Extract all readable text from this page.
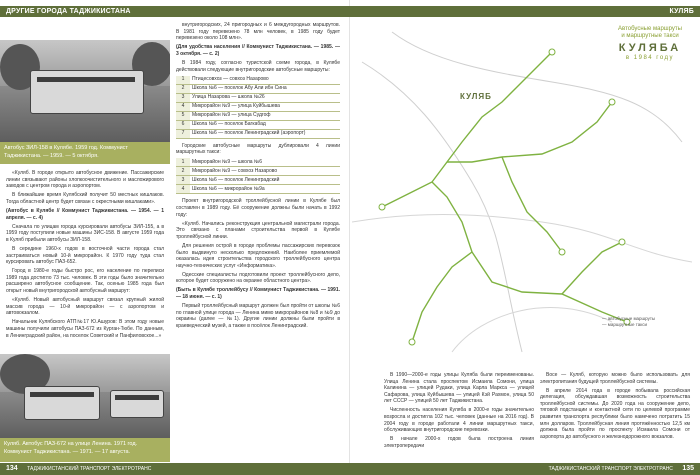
ДРУГИЕ ГОРОДА ТАДЖИКИСТАНА	КУЛЯБ
Автобус ЗИЛ-158 в Кулябе. 1959 год. Коммунист Таджикистана. — 1959. — 5 октября.

«Куляб. В городе открыто автобусное движение. Пассажирские линии связывают районы хлопкоочистительного и масложирового заводов с центром города и аэропортом.

В ближайшие время Кулябский получит 50 местных кишлаков. Тогда областной центр будет связан с окрестными кишлаками».

(Автобус в Кулябе // Коммунист Таджикистана. — 1954. — 1 апреля. — с. 4)

Сначала по улицам города курсировали автобусы ЗИЛ-155, а в 1959 году поступили новые машины ЗИС-158. В августе 1959 года в Куляб прибыли автобусы ЗИЛ-158.

В середине 1960-х годов в восточной части города стал застраиваться новый 10-й микрорайон. К 1970 году туда стал курсировать автобус ПАЗ-652.

Город в 1980-е годы быстро рос, его население по переписи 1989 года достигло 73 тыс. человек. В эти годы было значительно расширено автобусное сообщение. Так, осенью 1985 года был открыт новый внутригородской автобусный маршрут:

«Куляб. Новый автобусный маршрут связал крупный жилой массив города — 10-й микрорайон — с аэропортом и автовокзалом.

Начальник Кулябского АТП№17 Ю.Ашуров: В этом году новые машины получили автобусы ПАЗ-672 из Курган-Тюбе. По данным, в Ленинградский район, на поселок Советский и Панфиловское...»

Куляб. Автобус ПАЗ-672 на улице Ленина. 1971 год. Коммунист Таджикистана. — 1971. — 17 августа.

внутригородских, 24 пригородных и 6 междугородных маршрутов. В 1981 году перевезено 78 млн человек, в 1985 году будет перевезено около 108 млн».

(Для удобства населения // Коммунист Таджикистана. — 1985. — 3 октября. — с. 2)

В 1984 году, согласно туристской схеме города, в Кулябе действовали следующие внутригородские автобусные маршруты:

1	Птицесовхоз — совхоз Назарово
2	Школа №6 — поселок Абу Али ибн Сина
3	Улица Назарова — школа №26
4	Микрорайон №9 — улица Куйбышева
5	Микрорайон №9 — улица Судгоф
6	Школа №6 — поселок Багкабад
7	Школа №6 — поселок Ленинградский (аэропорт)

Городские автобусные маршруты дублировали 4 линии маршрутных такси:

1	Микрорайон №9 — школа №6
2	Микрорайон №9 — совхоз Назарово
3	Школа №6 — поселок Ленинградский
4	Школа №6 — микрорайон №9а

Проект внутригородской троллейбусной линии в Кулябе был составлен в 1989 году. Её сооружение должны были начать в 1992 году:

«Куляб. Начались реконструкция центральной магистрали города. Это связано с планами строительства первой в Кулябе троллейбусной линии.

Для решения острой в городе проблемы пассажирских перевозок было выдвинуто несколько предложений. Наиболее приемлемой оказалась идея строительства городского троллейбусного центра научно-технических услуг «Информатика».

Одесские специалисты подготовили проект троллейбусного депо, которое будет сооружено на окраине областного центра».

(Быть в Кулябе троллейбусу // Коммунист Таджикистана. — 1991. — 18 июня. — с. 1)

Первый троллейбусный маршрут должен был пройти от школы №6 по главной улице города — Ленина мимо микрорайонов №8 и №9 до окраины (далее — №1). Другие линии должны были пройти в краеведческий музей, а также в посёлок Ленинградский.

134 ТАДЖИКИСТАНСКИЙ ТРАНСПОРТ ЭЛЕКТРОТРАНС	ТАДЖИКИСТАНСКИЙ ТРАНСПОРТ ЭЛЕКТРОТРАНС 135
Автобусные маршруты
и маршрутные такси
КУЛЯБА
в 1984 году
КУЛЯБ
— автобусные маршруты
— маршрутные такси

В 1990—2000-е годы улицы Куляба были переименованы. Улица Ленина стала проспектом Исмаила Сомони, улица Калинина — улицей Рудаки, улица Карла Маркса — улицей Сафарова, улица Куйбышева — улицей Кэй Рахмон, улица 50 лет СССР — улицей 50 лет Таджикистана.

Численность населения Куляба в 2000-е годы значительно возросла и достигла 102 тыс. человек (данные на 2016 год). В 2004 году в городе работали 4 линии маршрутных такси, обслуживающих внутригородские перевозки.

В начале 2000-х годов была построена линия электропередачи

Восе — Куляб, которую можно было использовать для электропитания будущей троллейбусной системы.

В апреле 2014 года в городе побывала российская делегация, обсуждавшая возможность строительства троллейбусной системы. До 2020 года на сооружение депо, тяговой подстанции и контактной сети по целевой программе развития транспорта республики было намечено потратить 15 млн долларов. Троллейбусная линия протяжённостью 12,5 км должна была пройти по проспекту Исмаила Сомони от аэропорта до автобусного и железнодорожного вокзалов.
